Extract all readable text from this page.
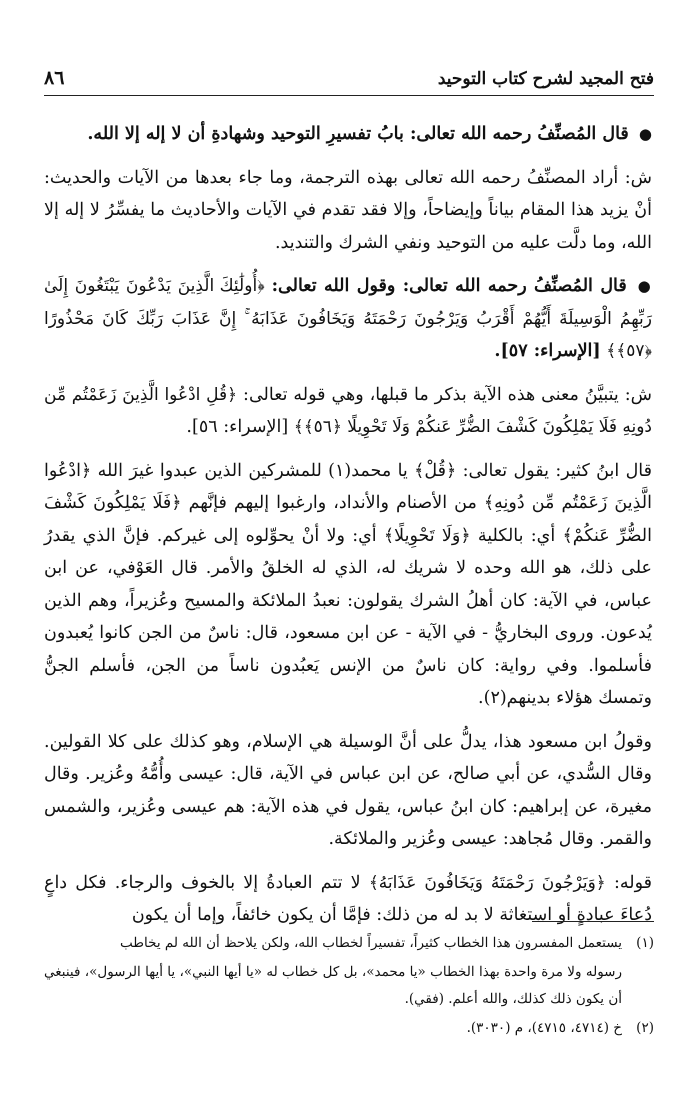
فتح المجيد لشرح كتاب التوحيد
٨٦

● قال المُصنِّفُ رحمه الله تعالى: بابُ تفسيرِ التوحيد وشهادةِ أن لا إله إلا الله.

ش: أراد المصنِّفُ رحمه الله تعالى بهذه الترجمة، وما جاء بعدها من الآيات والحديث: أنْ يزيد هذا المقام بياناً وإيضاحاً، وإلا فقد تقدم في الآيات والأحاديث ما يفسِّرُ لا إله إلا الله، وما دلَّت عليه من التوحيد ونفي الشرك والتنديد.

● قال المُصنِّفُ رحمه الله تعالى: وقول الله تعالى: ﴿أُولَٰئِكَ الَّذِينَ يَدْعُونَ يَبْتَغُونَ إِلَىٰ رَبِّهِمُ الْوَسِيلَةَ أَيُّهُمْ أَقْرَبُ وَيَرْجُونَ رَحْمَتَهُ وَيَخَافُونَ عَذَابَهُ ۚ إِنَّ عَذَابَ رَبِّكَ كَانَ مَحْذُورًا ﴿٥٧﴾﴾ [الإسراء: ٥٧].

ش: يتبيَّنُ معنى هذه الآية بذكر ما قبلها، وهي قوله تعالى: ﴿قُلِ ادْعُوا الَّذِينَ زَعَمْتُم مِّن دُونِهِ فَلَا يَمْلِكُونَ كَشْفَ الضُّرِّ عَنكُمْ وَلَا تَحْوِيلًا ﴿٥٦﴾﴾ [الإسراء: ٥٦].

قال ابنُ كثير: يقول تعالى: ﴿قُلْ﴾ يا محمد(١) للمشركين الذين عبدوا غيرَ الله ﴿ادْعُوا الَّذِينَ زَعَمْتُم مِّن دُونِهِ﴾ من الأصنام والأنداد، وارغبوا إليهم فإنَّهم ﴿فَلَا يَمْلِكُونَ كَشْفَ الضُّرِّ عَنكُمْ﴾ أي: بالكلية ﴿وَلَا تَحْوِيلًا﴾ أي: ولا أنْ يحوِّلوه إلى غيركم. فإنَّ الذي يقدرُ على ذلك، هو الله وحده لا شريك له، الذي له الخلقُ والأمر. قال العَوْفي، عن ابن عباس، في الآية: كان أهلُ الشرك يقولون: نعبدُ الملائكة والمسيح وعُزيراً، وهم الذين يُدعون. وروى البخاريُّ - في الآية - عن ابن مسعود، قال: ناسٌ من الجن كانوا يُعبدون فأسلموا. وفي رواية: كان ناسٌ من الإنس يَعبُدون ناساً من الجن، فأسلم الجنُّ وتمسك هؤلاء بدينهم(٢).

وقولُ ابن مسعود هذا، يدلُّ على أنَّ الوسيلة هي الإسلام، وهو كذلك على كلا القولين. وقال السُّدي، عن أبي صالح، عن ابن عباس في الآية، قال: عيسى وأُمُّهُ وعُزير. وقال مغيرة، عن إبراهيم: كان ابنُ عباس، يقول في هذه الآية: هم عيسى وعُزير، والشمس والقمر. وقال مُجاهد: عيسى وعُزير والملائكة.

قوله: ﴿وَيَرْجُونَ رَحْمَتَهُ وَيَخَافُونَ عَذَابَهُ﴾ لا تتم العبادةُ إلا بالخوف والرجاء. فكل داعٍ دُعاءَ عبادةٍ أو استغاثة لا بد له من ذلك: فإمَّا أن يكون خائفاً، وإما أن يكون

(١)يستعمل المفسرون هذا الخطاب كثيراً، تفسيراً لخطاب الله، ولكن يلاحظ أن الله لم يخاطب

رسوله ولا مرة واحدة بهذا الخطاب «يا محمد»، بل كل خطاب له «يا أيها النبي»، يا أيها الرسول»، فينبغي أن يكون ذلك كذلك، والله أعلم. (فقي).

(٢)خ (٤٧١٤، ٤٧١٥)، م (٣٠٣٠).
